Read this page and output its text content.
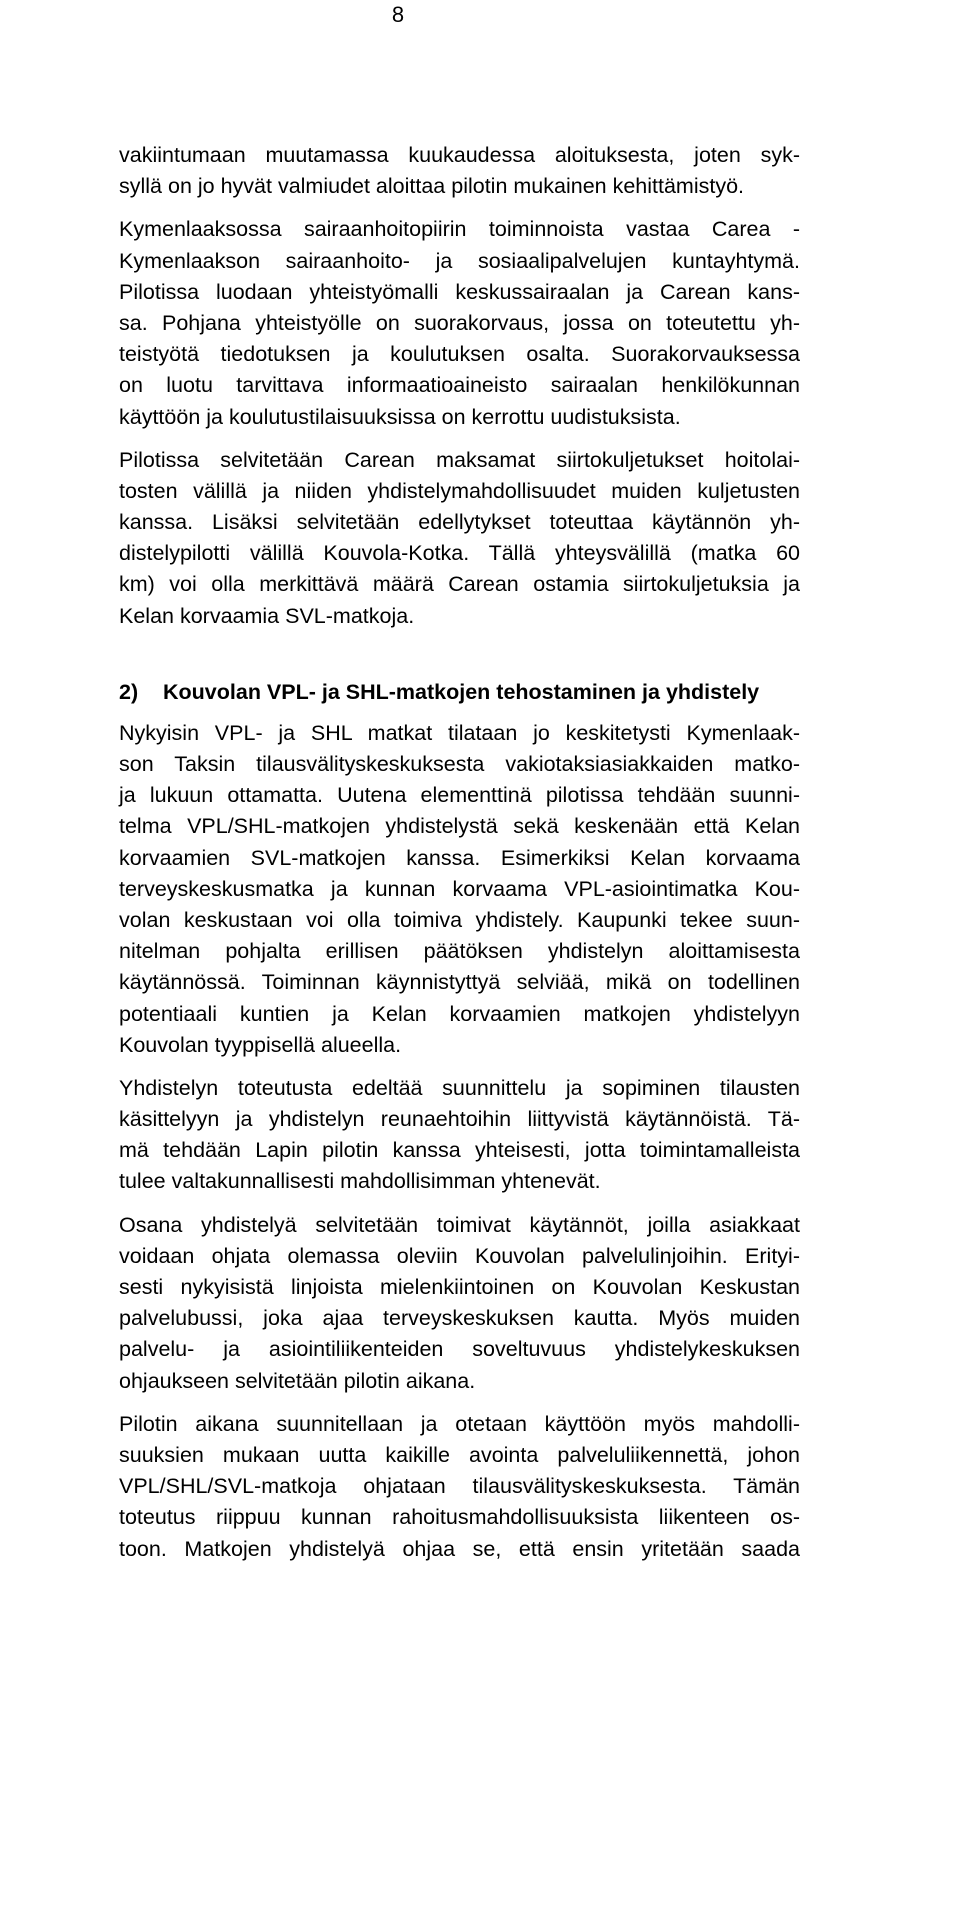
8
vakiintumaan muutamassa kuukaudessa aloituksesta, joten syk-
syllä on jo hyvät valmiudet aloittaa pilotin mukainen kehittämistyö.
Kymenlaaksossa sairaanhoitopiirin toiminnoista vastaa Carea -
Kymenlaakson sairaanhoito- ja sosiaalipalvelujen kuntayhtymä.
Pilotissa luodaan yhteistyömalli keskussairaalan ja Carean kans-
sa. Pohjana yhteistyölle on suorakorvaus, jossa on toteutettu yh-
teistyötä tiedotuksen ja koulutuksen osalta. Suorakorvauksessa
on luotu tarvittava informaatioaineisto sairaalan henkilökunnan
käyttöön ja koulutustilaisuuksissa on kerrottu uudistuksista.
Pilotissa selvitetään Carean maksamat siirtokuljetukset hoitolai-
tosten välillä ja niiden yhdistelymahdollisuudet muiden kuljetusten
kanssa. Lisäksi selvitetään edellytykset toteuttaa käytännön yh-
distelypilotti välillä Kouvola-Kotka. Tällä yhteysvälillä (matka 60
km) voi olla merkittävä määrä Carean ostamia siirtokuljetuksia ja
Kelan korvaamia SVL-matkoja.
2) Kouvolan VPL- ja SHL-matkojen tehostaminen ja yhdistely
Nykyisin VPL- ja SHL matkat tilataan jo keskitetysti Kymenlaak-
son Taksin tilausvälityskeskuksesta vakiotaksiasiakkaiden matko-
ja lukuun ottamatta. Uutena elementtinä pilotissa tehdään suunni-
telma VPL/SHL-matkojen yhdistelystä sekä keskenään että Kelan
korvaamien SVL-matkojen kanssa. Esimerkiksi Kelan korvaama
terveyskeskusmatka ja kunnan korvaama VPL-asiointimatka Kou-
volan keskustaan voi olla toimiva yhdistely. Kaupunki tekee suun-
nitelman pohjalta erillisen päätöksen yhdistelyn aloittamisesta
käytännössä. Toiminnan käynnistyttyä selviää, mikä on todellinen
potentiaali kuntien ja Kelan korvaamien matkojen yhdistelyyn
Kouvolan tyyppisellä alueella.
Yhdistelyn toteutusta edeltää suunnittelu ja sopiminen tilausten
käsittelyyn ja yhdistelyn reunaehtoihin liittyvistä käytännöistä. Tä-
mä tehdään Lapin pilotin kanssa yhteisesti, jotta toimintamalleista
tulee valtakunnallisesti mahdollisimman yhtenevät.
Osana yhdistelyä selvitetään toimivat käytännöt, joilla asiakkaat
voidaan ohjata olemassa oleviin Kouvolan palvelulinjoihin. Erityi-
sesti nykyisistä linjoista mielenkiintoinen on Kouvolan Keskustan
palvelubussi, joka ajaa terveyskeskuksen kautta. Myös muiden
palvelu- ja asiointiliikenteiden soveltuvuus yhdistelykeskuksen
ohjaukseen selvitetään pilotin aikana.
Pilotin aikana suunnitellaan ja otetaan käyttöön myös mahdolli-
suuksien mukaan uutta kaikille avointa palveluliikennettä, johon
VPL/SHL/SVL-matkoja ohjataan tilausvälityskeskuksesta. Tämän
toteutus riippuu kunnan rahoitusmahdollisuuksista liikenteen os-
toon. Matkojen yhdistelyä ohjaa se, että ensin yritetään saada
